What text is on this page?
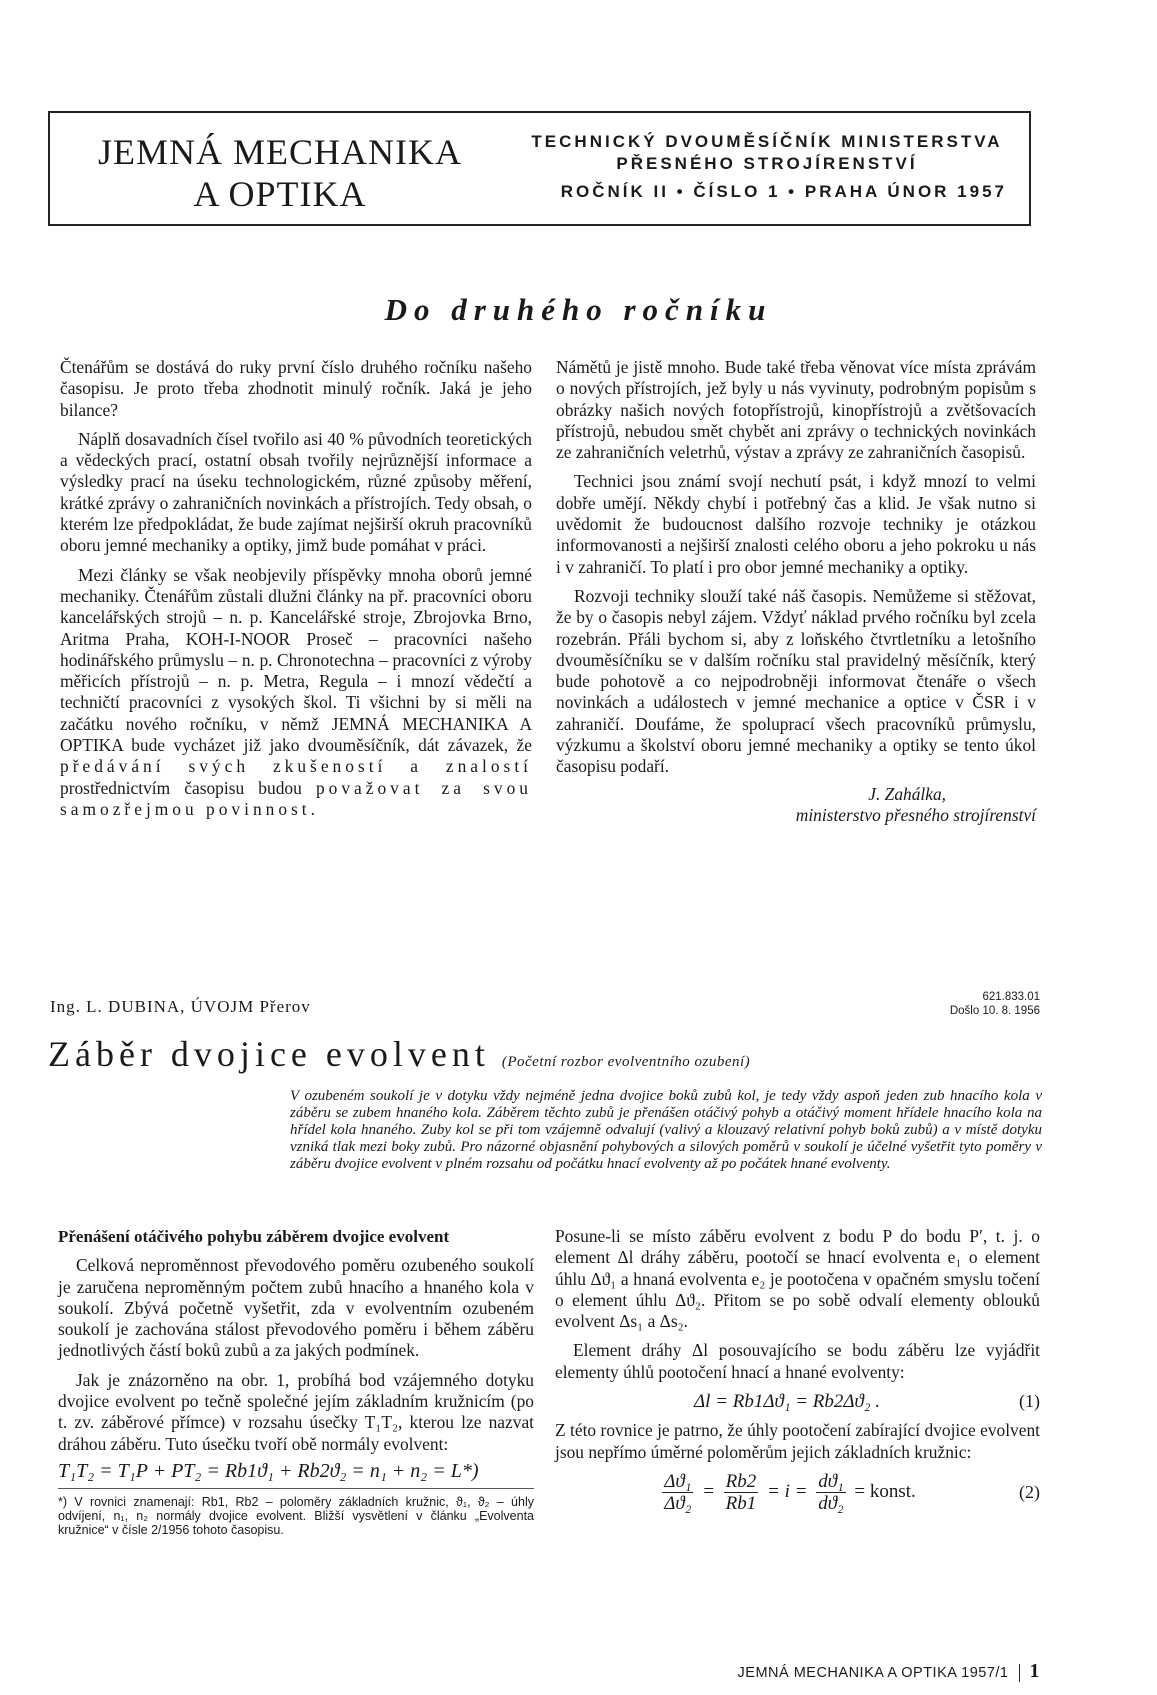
JEMNÁ MECHANIKA
A OPTIKA
TECHNICKÝ DVOUMĚSÍČNÍK MINISTERSTVA
PŘESNÉHO STROJÍRENSTVÍ
ROČNÍK II • ČÍSLO 1 • PRAHA ÚNOR 1957
Do druhého ročníku

Čtenářům se dostává do ruky první číslo druhého ročníku našeho časopisu. Je proto třeba zhodnotit minulý ročník. Jaká je jeho bilance?

Náplň dosavadních čísel tvořilo asi 40 % původních teoretických a vědeckých prací, ostatní obsah tvořily nejrůznější informace a výsledky prací na úseku technologickém, různé způsoby měření, krátké zprávy o zahraničních novinkách a přístrojích. Tedy obsah, o kterém lze předpokládat, že bude zajímat nejširší okruh pracovníků oboru jemné mechaniky a optiky, jimž bude pomáhat v práci.

Mezi články se však neobjevily příspěvky mnoha oborů jemné mechaniky. Čtenářům zůstali dlužni články na př. pracovníci oboru kancelářských strojů – n. p. Kancelářské stroje, Zbrojovka Brno, Aritma Praha, KOH-I-NOOR Proseč – pracovníci našeho hodinářského průmyslu – n. p. Chronotechna – pracovníci z výroby měřicích přístrojů – n. p. Metra, Regula – i mnozí vědečtí a techničtí pracovníci z vysokých škol. Ti všichni by si měli na začátku nového ročníku, v němž JEMNÁ MECHANIKA A OPTIKA bude vycházet již jako dvouměsíčník, dát závazek, že předávání svých zkušeností a znalostí prostřednictvím časopisu budou považovat za svou samozřejmou povinnost.

Námětů je jistě mnoho. Bude také třeba věnovat více místa zprávám o nových přístrojích, jež byly u nás vyvinuty, podrobným popisům s obrázky našich nových fotopřístrojů, kinopřístrojů a zvětšovacích přístrojů, nebudou smět chybět ani zprávy o technických novinkách ze zahraničních veletrhů, výstav a zprávy ze zahraničních časopisů.

Technici jsou známí svojí nechutí psát, i když mnozí to velmi dobře umějí. Někdy chybí i potřebný čas a klid. Je však nutno si uvědomit že budoucnost dalšího rozvoje techniky je otázkou informovanosti a nejširší znalosti celého oboru a jeho pokroku u nás i v zahraničí. To platí i pro obor jemné mechaniky a optiky.

Rozvoji techniky slouží také náš časopis. Nemůžeme si stěžovat, že by o časopis nebyl zájem. Vždyť náklad prvého ročníku byl zcela rozebrán. Přáli bychom si, aby z loňského čtvrtletníku a letošního dvouměsíčníku se v dalším ročníku stal pravidelný měsíčník, který bude pohotově a co nejpodrobněji informovat čtenáře o všech novinkách a událostech v jemné mechanice a optice v ČSR i v zahraničí. Doufáme, že spoluprací všech pracovníků průmyslu, výzkumu a školství oboru jemné mechaniky a optiky se tento úkol časopisu podaří.

J. Zahálka,
ministerstvo přesného strojírenství
Ing. L. DUBINA, ÚVOJM Přerov	621.833.01
Došlo 10. 8. 1956
Záběr dvojice evolvent (Početní rozbor evolventního ozubení)
V ozubeném soukolí je v dotyku vždy nejméně jedna dvojice boků zubů kol, je tedy vždy aspoň jeden zub hnacího kola v záběru se zubem hnaného kola. Záběrem těchto zubů je přenášen otáčivý pohyb a otáčivý moment hřídele hnacího kola na hřídel kola hnaného. Zuby kol se při tom vzájemně odvalují (valivý a klouzavý relativní pohyb boků zubů) a v místě dotyku vzniká tlak mezi boky zubů. Pro názorné objasnění pohybových a silových poměrů v soukolí je účelné vyšetřit tyto poměry v záběru dvojice evolvent v plném rozsahu od počátku hnací evolventy až po počátek hnané evolventy.
Přenášení otáčivého pohybu záběrem dvojice evolvent

Celková neproměnnost převodového poměru ozubeného soukolí je zaručena neproměnným počtem zubů hnacího a hnaného kola v soukolí. Zbývá početně vyšetřit, zda v evolventním ozubeném soukolí je zachována stálost převodového poměru i během záběru jednotlivých částí boků zubů a za jakých podmínek.

Jak je znázorněno na obr. 1, probíhá bod vzájemného dotyku dvojice evolvent po tečně společné jejím základním kružnicím (po t. zv. záběrové přímce) v rozsahu úsečky T₁T₂, kterou lze nazvat dráhou záběru. Tuto úsečku tvoří obě normály evolvent:

T₁T₂ = T₁P + PT₂ = Rb1ϑ₁ + Rb2ϑ₂ = n₁ + n₂ = L*)
*) V rovnici znamenají: Rb1, Rb2 – poloměry základních kružnic, ϑ₁, ϑ₂ – úhly odvíjení, n₁, n₂ normály dvojice evolvent. Bližší vysvětlení v článku „Evolventa kružnice“ v čísle 2/1956 tohoto časopisu.

Posune-li se místo záběru evolvent z bodu P do bodu P′, t. j. o element Δl dráhy záběru, pootočí se hnací evolventa e₁ o element úhlu Δϑ₁ a hnaná evolventa e₂ je pootočena v opačném smyslu točení o element úhlu Δϑ₂. Přitom se po sobě odvalí elementy oblouků evolvent Δs₁ a Δs₂.

Element dráhy Δl posouvajícího se bodu záběru lze vyjádřit elementy úhlů pootočení hnací a hnané evolventy:

Δl = Rb1Δϑ₁ = Rb2Δϑ₂ .	(1)

Z této rovnice je patrno, že úhly pootočení zabírající dvojice evolvent jsou nepřímo úměrné poloměrům jejich základních kružnic:

$\frac{\text{Δϑ₁}}{\text{Δϑ₂}} = \frac{Rb2}{Rb1} = i = \frac{\text{dϑ₁}}{\text{dϑ₂}}$ = konst.	(2)
JEMNÁ MECHANIKA A OPTIKA 1957/1 1
